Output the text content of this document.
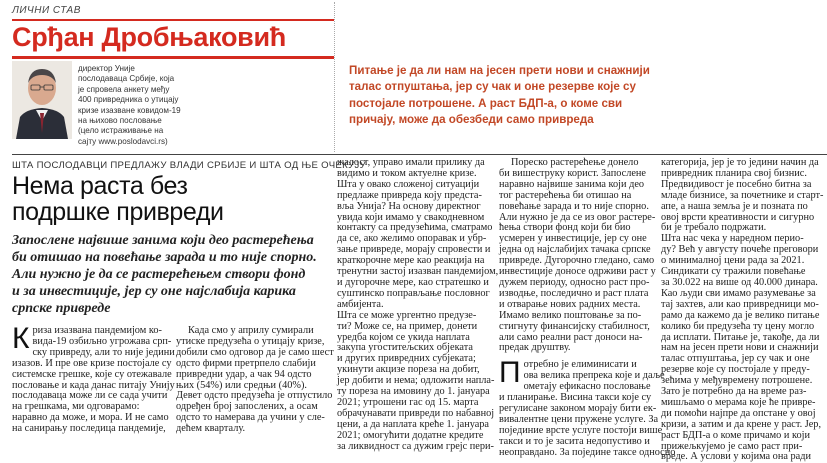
ЛИЧНИ СТАВ
Срђан Дробњаковић
директор Уније
послодаваца Србије, која
је спровела анкету међу
400 привредника о утицају
кризе изазване ковидом-19
на њихово пословање
(цело истраживање на
сајту www.poslodavci.rs)
Питање је да ли нам на јесен прети нови и снажнији
талас отпуштања, јер су чак и оне резерве које су
постојале потрошене. А раст БДП-а, о коме сви
причају, може да обезбеди само привреда
ШТА ПОСЛОДАВЦИ ПРЕДЛАЖУ ВЛАДИ СРБИЈЕ И ШТА ОД ЊЕ ОЧЕКУЈУ
Нема раста без
подршке привреди
Запослене највише занима који део растерећења
би отишао на повећање зарада и то није спорно.
Али нужно је да се растерећењем створи фонд
и за инвестиције, јер су оне најслабија карика
српске привреде
К риза изазвана пандемијом ко-
вида-19 озбиљно угрожава срп-
ску привреду, али то није једини
изазов. И пре ове кризе постојале су
системске грешке, које су отежавале
пословање и када данас питају Унију
послодаваца може ли се сада учити
на грешкама, ми одговарамо:
наравно да може, и мора. И не само
на санирању последица пандемије,
Када смо у априлу сумирали
утиске предузећа о утицају кризе,
добили смо одговор да је само шест
одсто фирми претрпело слабији
привредни удар, а чак 94 одсто
њих (54%) или средњи (40%).
Девет одсто предузећа је отпустило
одређен број запослених, а осам
одсто то намерава да учини у сле-
дећем кварталу.
жалост, управо имали прилику да
видимо и током актуелне кризе.
Шта у овако сложеној ситуацији
предлаже привреда коју предста-
вља Унија? На основу директног
увида који имамо у свакодневном
контакту са предузећима, сматрамо
да се, ако желимо опоравак и убр-
зање привреде, морају спровести и
краткорочне мере као реакција на
тренутни застој изазван пандемијом,
и дугорочне мере, као стратешко и
суштинско поправљање пословног
амбијента.
Шта се може ургентно предузе-
ти? Може се, на пример, донети
уредба којом се укида наплата
закупа угоститељских објеката
и других привредних субјеката;
укинути акцизе пореза на добит,
јер добити и нема; одложити напла-
ту пореза на имовину до 1. јануара
2021; утрошени гас од 15. марта
обрачунавати привреди по набавној
цени, а да наплата креће 1. јануара
2021; омогућити додатне кредите
за ликвидност са дужим грејс пери-
Пореско растерећење донело
би вишеструку корист. Запослене
наравно највише занима који део
тог растерећења би отишао на
повећање зарада и то није спорно.
Али нужно је да се из овог растере-
ћења створи фонд који би био
усмерен у инвестиције, јер су оне
једна од најслабијих тачака српске
привреде. Дугорочно гледано, само
инвестиције доносе одрживи раст у
дужем периоду, односно раст про-
изводње, последично и раст плата
и отварање нових радних места.
Имамо велико поштовање за по-
стигнуту финансијску стабилност,
али само реални раст доноси на-
предак друштву.
П отребно је елиминисати и
ова велика препрека које и даље
ометају ефикасно пословање
и планирање. Висина такси које су
регулисане законом морају бити ек-
вивалентне цени пружене услуге. За
појединие врсте услуге постоји више
такси и то је засита недопустиво и
неоправдано. За поједине таксе односно
категорија, јер је то једини начин да
привредник планира свој бизнис.
Предвидивост је посебно битна за
младе бизнисе, за почетнике и старт-
апе, а наша земља је и позната по
овој врсти креативности и сигурно
би је требало подржати.
Шта нас чека у наредном перио-
ду? Већ у августу почеће преговори
о минималној цени рада за 2021.
Синдикати су тражили повећање
за 30.022 на више од 40.000 динара.
Као људи сви имамо разумевање за
тај захтев, али као привредници мо-
рамо да кажемо да је велико питање
колико би предузећа ту цену могло
да исплати. Питање је, такође, да ли
нам на јесен прети нови и снажнији
талас отпуштања, јер су чак и оне
резерве које су постојале у преду-
зећима у међувремену потрошене.
Зато је потребно да на време раз-
мишљамо о мерама које ће привре-
ди помоћи најпре да опстане у овој
кризи, а затим и да крене у раст. Јер,
раст БДП-а о коме причамо и који
прижељкујемо је само раст при-
вреде. А услови у којима она ради
